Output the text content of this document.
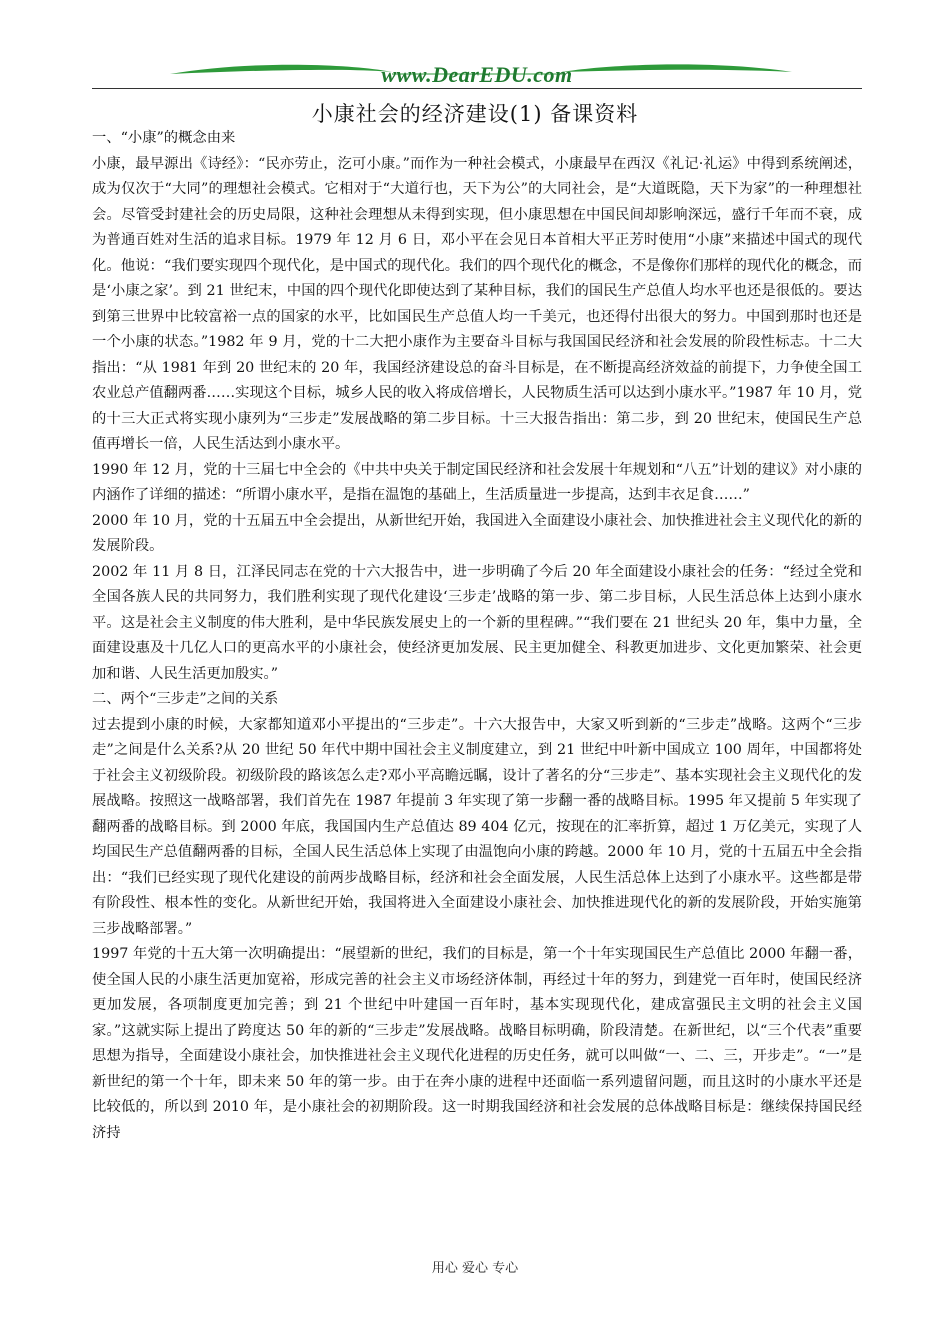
www.DearEDU.com
小康社会的经济建设(1) 备课资料

一、“小康”的概念由来

小康，最早源出《诗经》：“民亦劳止，汔可小康。”而作为一种社会模式，小康最早在西汉《礼记·礼运》中得到系统阐述，成为仅次于“大同”的理想社会模式。它相对于“大道行也，天下为公”的大同社会，是“大道既隐，天下为家”的一种理想社会。尽管受封建社会的历史局限，这种社会理想从未得到实现，但小康思想在中国民间却影响深远，盛行千年而不衰，成为普通百姓对生活的追求目标。1979 年 12 月 6 日，邓小平在会见日本首相大平正芳时使用“小康”来描述中国式的现代化。他说：“我们要实现四个现代化，是中国式的现代化。我们的四个现代化的概念，不是像你们那样的现代化的概念，而是‘小康之家’。到 21 世纪末，中国的四个现代化即使达到了某种目标，我们的国民生产总值人均水平也还是很低的。要达到第三世界中比较富裕一点的国家的水平，比如国民生产总值人均一千美元，也还得付出很大的努力。中国到那时也还是一个小康的状态。”1982 年 9 月，党的十二大把小康作为主要奋斗目标与我国国民经济和社会发展的阶段性标志。十二大指出：“从 1981 年到 20 世纪末的 20 年，我国经济建设总的奋斗目标是，在不断提高经济效益的前提下，力争使全国工农业总产值翻两番……实现这个目标，城乡人民的收入将成倍增长，人民物质生活可以达到小康水平。”1987 年 10 月，党的十三大正式将实现小康列为“三步走”发展战略的第二步目标。十三大报告指出：第二步，到 20 世纪末，使国民生产总值再增长一倍，人民生活达到小康水平。

1990 年 12 月，党的十三届七中全会的《中共中央关于制定国民经济和社会发展十年规划和“八五”计划的建议》对小康的内涵作了详细的描述：“所谓小康水平，是指在温饱的基础上，生活质量进一步提高，达到丰衣足食……”

2000 年 10 月，党的十五届五中全会提出，从新世纪开始，我国进入全面建设小康社会、加快推进社会主义现代化的新的发展阶段。

2002 年 11 月 8 日，江泽民同志在党的十六大报告中，进一步明确了今后 20 年全面建设小康社会的任务：“经过全党和全国各族人民的共同努力，我们胜利实现了现代化建设‘三步走’战略的第一步、第二步目标，人民生活总体上达到小康水平。这是社会主义制度的伟大胜利，是中华民族发展史上的一个新的里程碑。”“我们要在 21 世纪头 20 年，集中力量，全面建设惠及十几亿人口的更高水平的小康社会，使经济更加发展、民主更加健全、科教更加进步、文化更加繁荣、社会更加和谐、人民生活更加殷实。”

二、两个“三步走”之间的关系

过去提到小康的时候，大家都知道邓小平提出的“三步走”。十六大报告中，大家又听到新的“三步走”战略。这两个“三步走”之间是什么关系?从 20 世纪 50 年代中期中国社会主义制度建立，到 21 世纪中叶新中国成立 100 周年，中国都将处于社会主义初级阶段。初级阶段的路该怎么走?邓小平高瞻远瞩，设计了著名的分“三步走”、基本实现社会主义现代化的发展战略。按照这一战略部署，我们首先在 1987 年提前 3 年实现了第一步翻一番的战略目标。1995 年又提前 5 年实现了翻两番的战略目标。到 2000 年底，我国国内生产总值达 89 404 亿元，按现在的汇率折算，超过 1 万亿美元，实现了人均国民生产总值翻两番的目标，全国人民生活总体上实现了由温饱向小康的跨越。2000 年 10 月，党的十五届五中全会指出：“我们已经实现了现代化建设的前两步战略目标，经济和社会全面发展，人民生活总体上达到了小康水平。这些都是带有阶段性、根本性的变化。从新世纪开始，我国将进入全面建设小康社会、加快推进现代化的新的发展阶段，开始实施第三步战略部署。”

1997 年党的十五大第一次明确提出：“展望新的世纪，我们的目标是，第一个十年实现国民生产总值比 2000 年翻一番，使全国人民的小康生活更加宽裕，形成完善的社会主义市场经济体制，再经过十年的努力，到建党一百年时，使国民经济更加发展，各项制度更加完善；到 21 个世纪中叶建国一百年时，基本实现现代化，建成富强民主文明的社会主义国家。”这就实际上提出了跨度达 50 年的新的“三步走”发展战略。战略目标明确，阶段清楚。在新世纪，以“三个代表”重要思想为指导，全面建设小康社会，加快推进社会主义现代化进程的历史任务，就可以叫做“一、二、三，开步走”。“一”是新世纪的第一个十年，即未来 50 年的第一步。由于在奔小康的进程中还面临一系列遗留问题，而且这时的小康水平还是比较低的，所以到 2010 年，是小康社会的初期阶段。这一时期我国经济和社会发展的总体战略目标是：继续保持国民经济持

用心 爱心 专心
